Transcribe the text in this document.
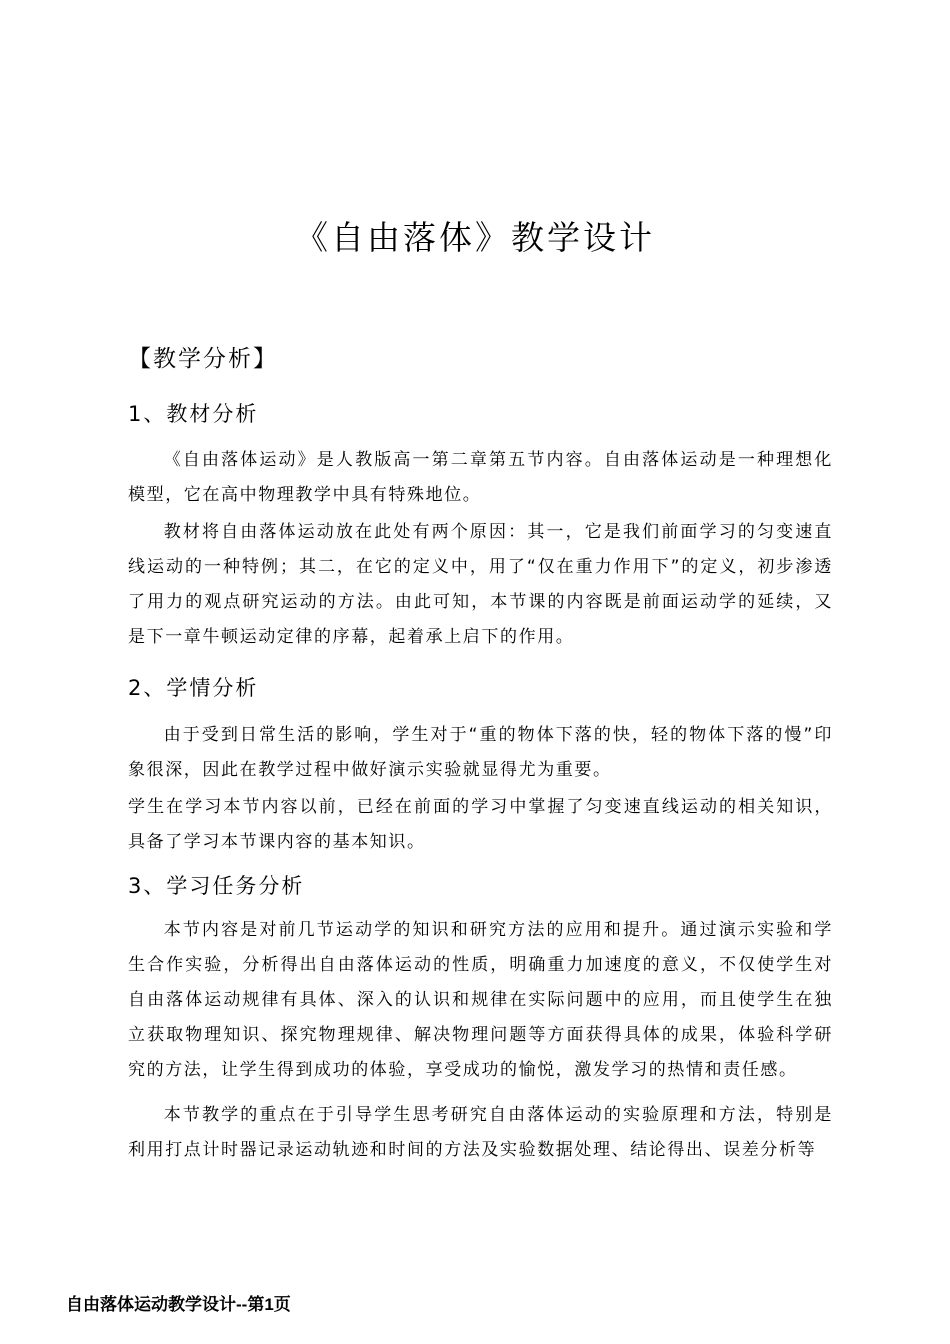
《自由落体》教学设计
【教学分析】
1、教材分析
《自由落体运动》是人教版高一第二章第五节内容。自由落体运动是一种理想化模型，它在高中物理教学中具有特殊地位。
教材将自由落体运动放在此处有两个原因：其一，它是我们前面学习的匀变速直线运动的一种特例；其二，在它的定义中，用了“仅在重力作用下”的定义，初步渗透了用力的观点研究运动的方法。由此可知，本节课的内容既是前面运动学的延续，又是下一章牛顿运动定律的序幕，起着承上启下的作用。
2、学情分析
由于受到日常生活的影响，学生对于“重的物体下落的快，轻的物体下落的慢”印象很深，因此在教学过程中做好演示实验就显得尤为重要。
学生在学习本节内容以前，已经在前面的学习中掌握了匀变速直线运动的相关知识，具备了学习本节课内容的基本知识。
3、学习任务分析
本节内容是对前几节运动学的知识和研究方法的应用和提升。通过演示实验和学生合作实验，分析得出自由落体运动的性质，明确重力加速度的意义，不仅使学生对自由落体运动规律有具体、深入的认识和规律在实际问题中的应用，而且使学生在独立获取物理知识、探究物理规律、解决物理问题等方面获得具体的成果，体验科学研究的方法，让学生得到成功的体验，享受成功的愉悦，激发学习的热情和责任感。
本节教学的重点在于引导学生思考研究自由落体运动的实验原理和方法，特别是利用打点计时器记录运动轨迹和时间的方法及实验数据处理、结论得出、误差分析等
自由落体运动教学设计--第1页
